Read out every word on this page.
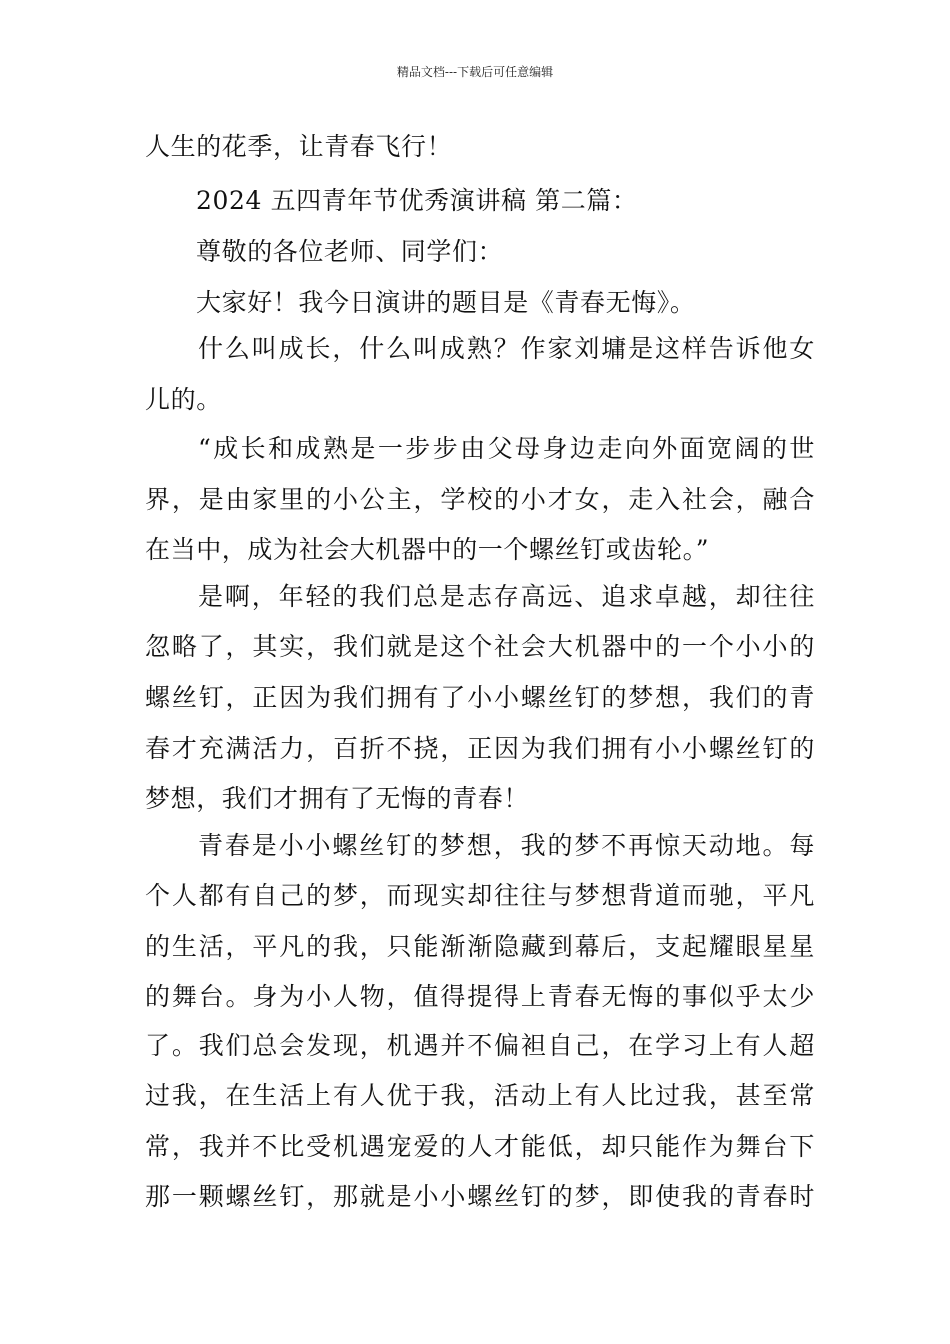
精品文档---下载后可任意编辑
人生的花季，让青春飞行！
2024 五四青年节优秀演讲稿 第二篇：
尊敬的各位老师、同学们：
大家好！我今日演讲的题目是《青春无悔》。
什么叫成长，什么叫成熟？作家刘墉是这样告诉他女
儿的。
“成长和成熟是一步步由父母身边走向外面宽阔的世
界，是由家里的小公主，学校的小才女，走入社会，融合
在当中，成为社会大机器中的一个螺丝钉或齿轮。”
是啊，年轻的我们总是志存高远、追求卓越，却往往
忽略了，其实，我们就是这个社会大机器中的一个小小的
螺丝钉，正因为我们拥有了小小螺丝钉的梦想，我们的青
春才充满活力，百折不挠，正因为我们拥有小小螺丝钉的
梦想，我们才拥有了无悔的青春！
青春是小小螺丝钉的梦想，我的梦不再惊天动地。每
个人都有自己的梦，而现实却往往与梦想背道而驰，平凡
的生活，平凡的我，只能渐渐隐藏到幕后，支起耀眼星星
的舞台。身为小人物，值得提得上青春无悔的事似乎太少
了。我们总会发现，机遇并不偏袒自己，在学习上有人超
过我，在生活上有人优于我，活动上有人比过我，甚至常
常，我并不比受机遇宠爱的人才能低，却只能作为舞台下
那一颗螺丝钉，那就是小小螺丝钉的梦，即使我的青春时
